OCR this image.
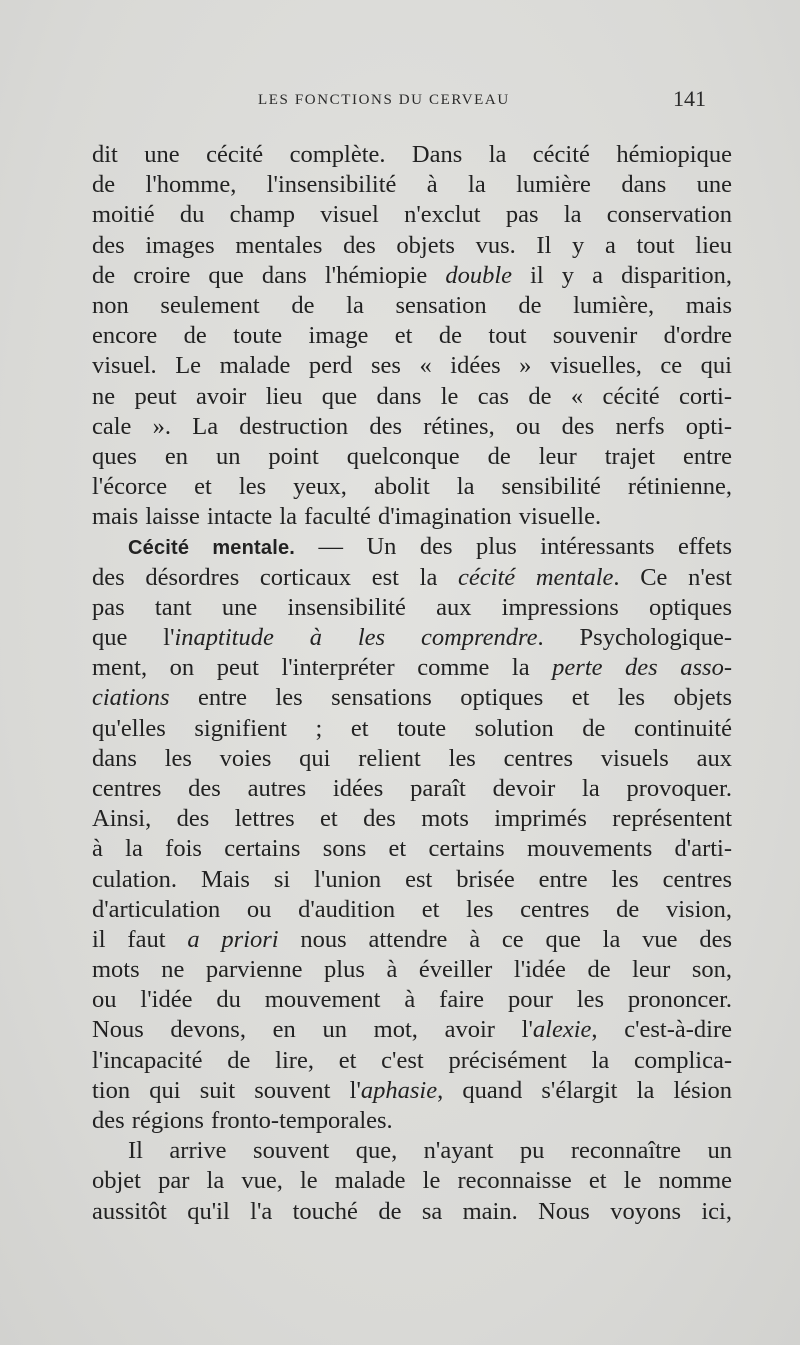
LES FONCTIONS DU CERVEAU	141
dit une cécité complète. Dans la cécité hémiopique
de l'homme, l'insensibilité à la lumière dans une
moitié du champ visuel n'exclut pas la conservation
des images mentales des objets vus. Il y a tout lieu
de croire que dans l'hémiopie double il y a disparition,
non seulement de la sensation de lumière, mais
encore de toute image et de tout souvenir d'ordre
visuel. Le malade perd ses « idées » visuelles, ce qui
ne peut avoir lieu que dans le cas de « cécité corti-
cale ». La destruction des rétines, ou des nerfs opti-
ques en un point quelconque de leur trajet entre
l'écorce et les yeux, abolit la sensibilité rétinienne,
mais laisse intacte la faculté d'imagination visuelle.
Cécité mentale. — Un des plus intéressants effets
des désordres corticaux est la cécité mentale. Ce n'est
pas tant une insensibilité aux impressions optiques
que l'inaptitude à les comprendre. Psychologique-
ment, on peut l'interpréter comme la perte des asso-
ciations entre les sensations optiques et les objets
qu'elles signifient ; et toute solution de continuité
dans les voies qui relient les centres visuels aux
centres des autres idées paraît devoir la provoquer.
Ainsi, des lettres et des mots imprimés représentent
à la fois certains sons et certains mouvements d'arti-
culation. Mais si l'union est brisée entre les centres
d'articulation ou d'audition et les centres de vision,
il faut a priori nous attendre à ce que la vue des
mots ne parvienne plus à éveiller l'idée de leur son,
ou l'idée du mouvement à faire pour les prononcer.
Nous devons, en un mot, avoir l'alexie, c'est-à-dire
l'incapacité de lire, et c'est précisément la complica-
tion qui suit souvent l'aphasie, quand s'élargit la lésion
des régions fronto-temporales.
Il arrive souvent que, n'ayant pu reconnaître un
objet par la vue, le malade le reconnaisse et le nomme
aussitôt qu'il l'a touché de sa main. Nous voyons ici,
